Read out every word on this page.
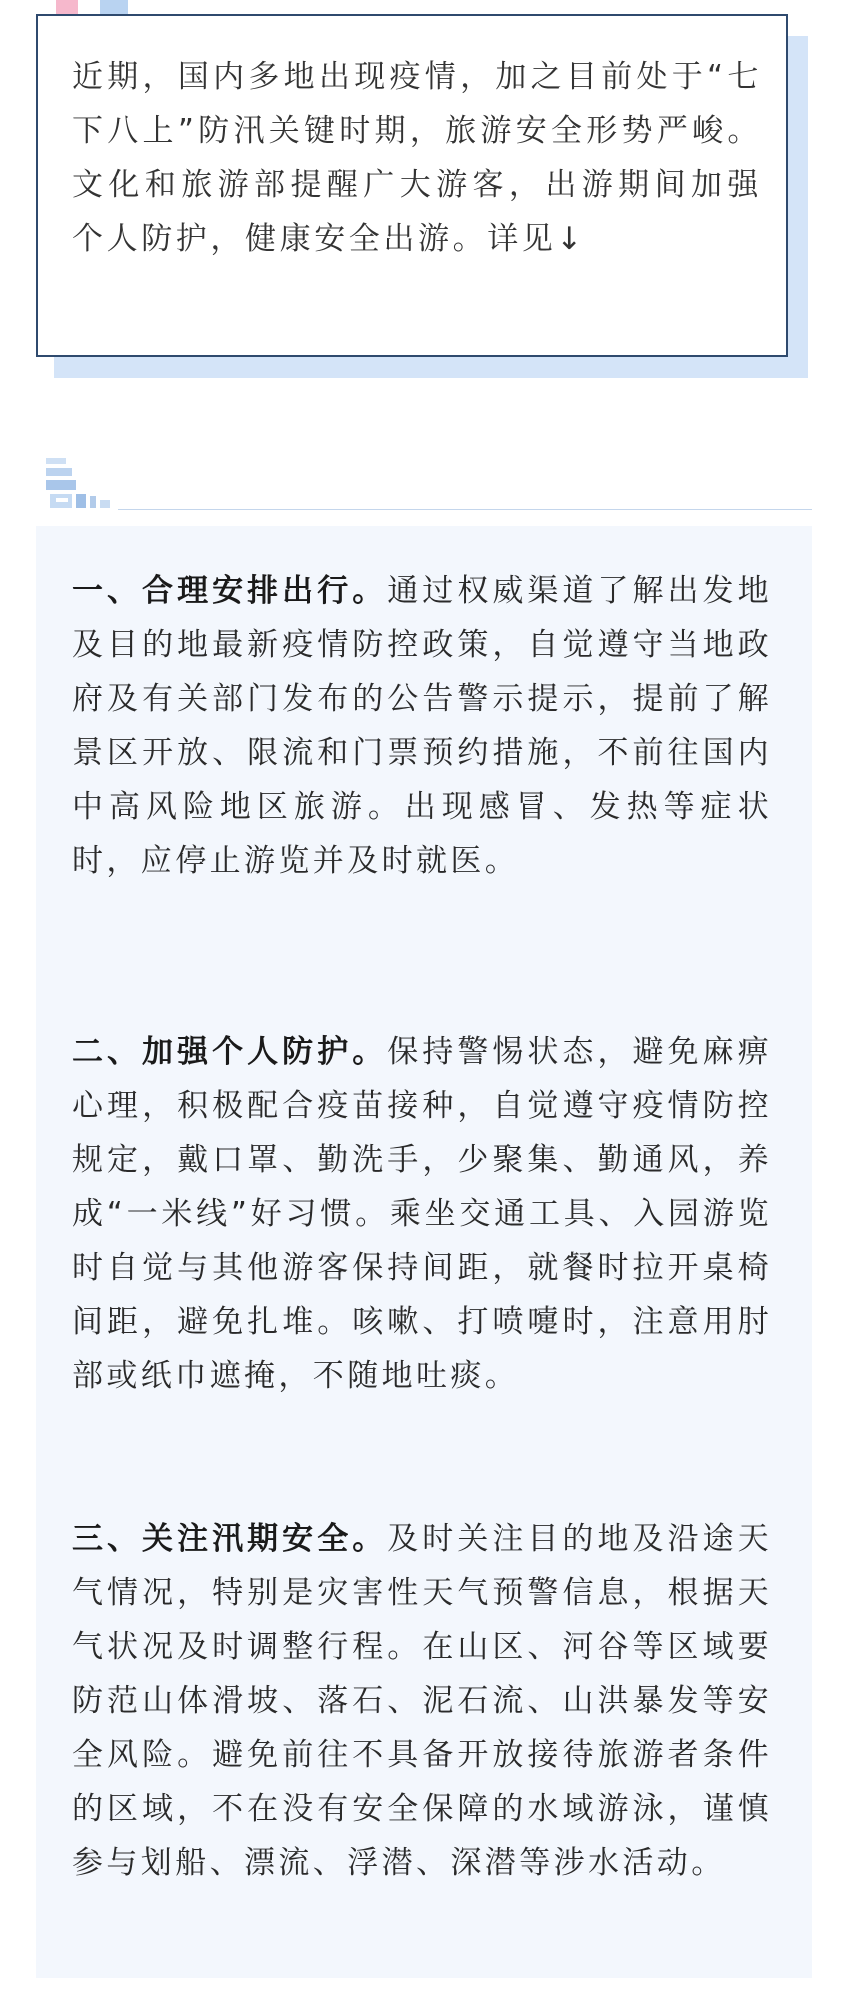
近期，国内多地出现疫情，加之目前处于“七下八上”防汛关键时期，旅游安全形势严峻。文化和旅游部提醒广大游客，出游期间加强个人防护，健康安全出游。详见↓

一、合理安排出行。通过权威渠道了解出发地及目的地最新疫情防控政策，自觉遵守当地政府及有关部门发布的公告警示提示，提前了解景区开放、限流和门票预约措施，不前往国内中高风险地区旅游。出现感冒、发热等症状时，应停止游览并及时就医。

二、加强个人防护。保持警惕状态，避免麻痹心理，积极配合疫苗接种，自觉遵守疫情防控规定，戴口罩、勤洗手，少聚集、勤通风，养成“一米线”好习惯。乘坐交通工具、入园游览时自觉与其他游客保持间距，就餐时拉开桌椅间距，避免扎堆。咳嗽、打喷嚏时，注意用肘部或纸巾遮掩，不随地吐痰。

三、关注汛期安全。及时关注目的地及沿途天气情况，特别是灾害性天气预警信息，根据天气状况及时调整行程。在山区、河谷等区域要防范山体滑坡、落石、泥石流、山洪暴发等安全风险。避免前往不具备开放接待旅游者条件的区域，不在没有安全保障的水域游泳，谨慎参与划船、漂流、浮潜、深潜等涉水活动。
